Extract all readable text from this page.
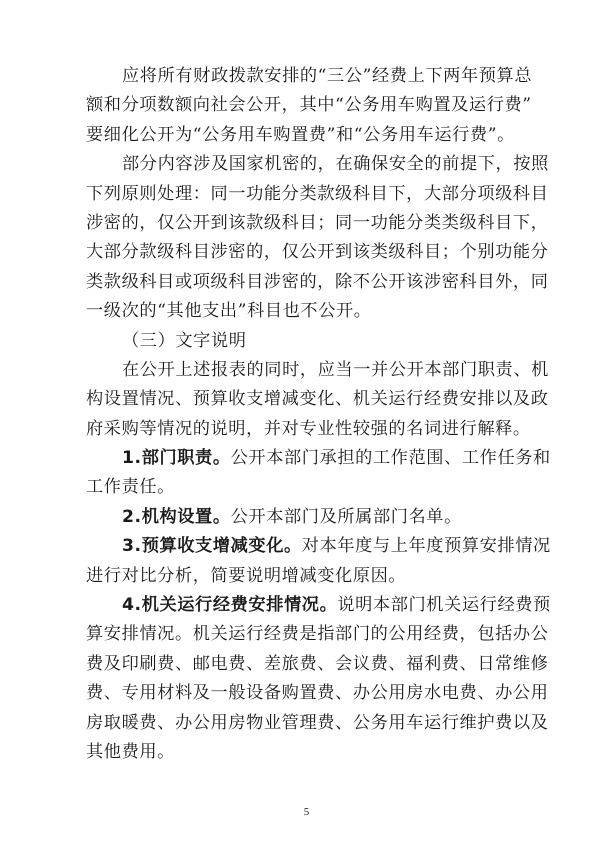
应将所有财政拨款安排的“三公”经费上下两年预算总
额和分项数额向社会公开，其中“公务用车购置及运行费”
要细化公开为“公务用车购置费”和“公务用车运行费”。
部分内容涉及国家机密的，在确保安全的前提下，按照
下列原则处理：同一功能分类款级科目下，大部分项级科目
涉密的，仅公开到该款级科目；同一功能分类类级科目下，
大部分款级科目涉密的，仅公开到该类级科目；个别功能分
类款级科目或项级科目涉密的，除不公开该涉密科目外，同
一级次的“其他支出”科目也不公开。
（三）文字说明
在公开上述报表的同时，应当一并公开本部门职责、机
构设置情况、预算收支增减变化、机关运行经费安排以及政
府采购等情况的说明，并对专业性较强的名词进行解释。
1.部门职责。公开本部门承担的工作范围、工作任务和
工作责任。
2.机构设置。公开本部门及所属部门名单。
3.预算收支增减变化。对本年度与上年度预算安排情况
进行对比分析，简要说明增减变化原因。
4.机关运行经费安排情况。说明本部门机关运行经费预
算安排情况。机关运行经费是指部门的公用经费，包括办公
费及印刷费、邮电费、差旅费、会议费、福利费、日常维修
费、专用材料及一般设备购置费、办公用房水电费、办公用
房取暖费、办公用房物业管理费、公务用车运行维护费以及
其他费用。
5
